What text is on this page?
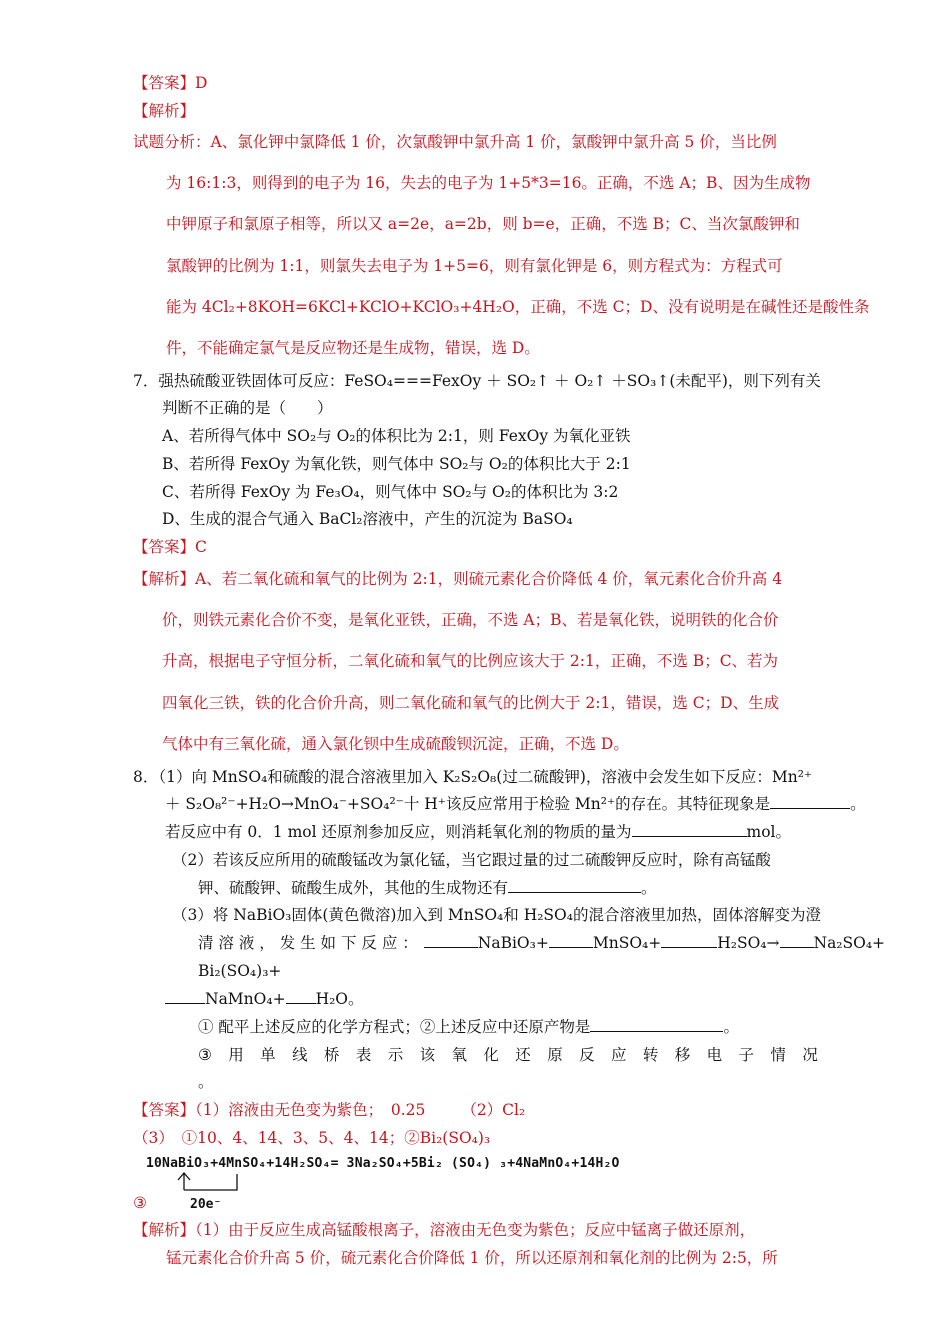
【答案】D
【解析】
试题分析：A、氯化钾中氯降低 1 价，次氯酸钾中氯升高 1 价，氯酸钾中氯升高 5 价，当比例
为 16:1:3，则得到的电子为 16，失去的电子为 1+5*3=16。正确，不选 A；B、因为生成物
中钾原子和氯原子相等，所以又 a=2e，a=2b，则 b=e，正确，不选 B；C、当次氯酸钾和
氯酸钾的比例为 1:1，则氯失去电子为 1+5=6，则有氯化钾是 6，则方程式为：方程式可
能为 4Cl₂+8KOH=6KCl+KClO+KClO₃+4H₂O，正确，不选 C；D、没有说明是在碱性还是酸性条
件，不能确定氯气是反应物还是生成物，错误，选 D。
7．强热硫酸亚铁固体可反应：FeSO₄===FexOy ＋ SO₂↑ ＋ O₂↑ ＋SO₃↑(未配平)，则下列有关
判断不正确的是（　　）
A、若所得气体中 SO₂与 O₂的体积比为 2:1，则 FexOy 为氧化亚铁
B、若所得 FexOy 为氧化铁，则气体中 SO₂与 O₂的体积比大于 2:1
C、若所得 FexOy 为 Fe₃O₄，则气体中 SO₂与 O₂的体积比为 3:2
D、生成的混合气通入 BaCl₂溶液中，产生的沉淀为 BaSO₄
【答案】C
【解析】A、若二氧化硫和氧气的比例为 2:1，则硫元素化合价降低 4 价，氧元素化合价升高 4
价，则铁元素化合价不变，是氧化亚铁，正确，不选 A；B、若是氧化铁，说明铁的化合价
升高，根据电子守恒分析，二氧化硫和氧气的比例应该大于 2:1，正确，不选 B；C、若为
四氧化三铁，铁的化合价升高，则二氧化硫和氧气的比例大于 2:1，错误，选 C；D、生成
气体中有三氧化硫，通入氯化钡中生成硫酸钡沉淀，正确，不选 D。
8．（1）向 MnSO₄和硫酸的混合溶液里加入 K₂S₂O₈(过二硫酸钾)，溶液中会发生如下反应：Mn²⁺
＋ S₂O₈²⁻+H₂O→MnO₄⁻+SO₄²⁻十 H⁺该反应常用于检验 Mn²⁺的存在。其特征现象是	。
若反应中有 0．1 mol 还原剂参加反应，则消耗氧化剂的物质的量为	mol。
（2）若该反应所用的硫酸锰改为氯化锰，当它跟过量的过二硫酸钾反应时，除有高锰酸
钾、硫酸钾、硫酸生成外，其他的生成物还有	。
（3）将 NaBiO₃固体(黄色微溶)加入到 MnSO₄和 H₂SO₄的混合溶液里加热，固体溶解变为澄
清 溶 液 ， 发 生 如 下 反 应 ：	NaBiO₃+	MnSO₄+	H₂SO₄→ Na₂SO₄+
Bi₂(SO₄)₃+
NaMnO₄+ H₂O。
① 配平上述反应的化学方程式；②上述反应中还原产物是	。
③ 用 单 线 桥 表 示 该 氧 化 还 原 反 应 转 移 电 子 情 况
。
【答案】（1）溶液由无色变为紫色；　0.25　　 （2）Cl₂
（3）　①10、4、14、3、5、4、14；②Bi₂(SO₄)₃
10NaBiO₃+4MnSO₄+14H₂SO₄= 3Na₂SO₄+5Bi₂ (SO₄) ₃+4NaMnO₄+14H₂O
20e⁻
③
【解析】（1）由于反应生成高锰酸根离子，溶液由无色变为紫色；反应中锰离子做还原剂，
锰元素化合价升高 5 价，硫元素化合价降低 1 价，所以还原剂和氧化剂的比例为 2:5，所
